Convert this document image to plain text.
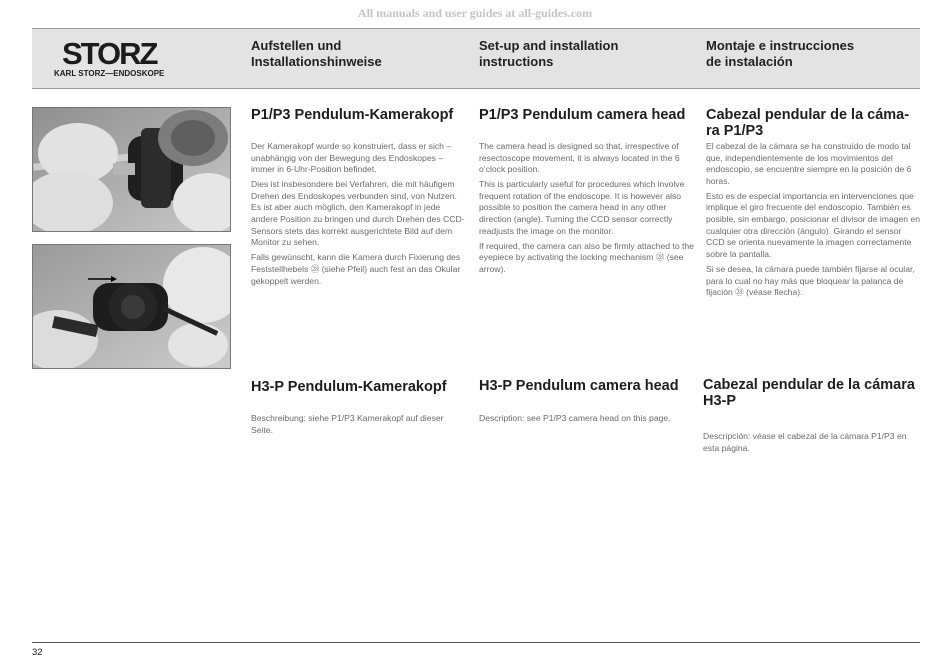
All manuals and user guides at all-guides.com
STORZ
KARL STORZ—ENDOSKOPE
Aufstellen und
Installationshinweise
Set-up and installation
instructions
Montaje e instrucciones
de instalación
P1/P3 Pendulum-Kamerakopf P1/P3 Pendulum camera head Cabezal pendular de la cáma-
ra P1/P3

Der Kamerakopf wurde so konstruiert, dass er sich – unabhängig von der Bewegung des Endoskopes – immer in 6-Uhr-Position befindet.

Dies ist insbesondere bei Verfahren, die mit häufigem Drehen des Endoskopes verbunden sind, von Nutzen. Es ist aber auch möglich, den Kamerakopf in jede andere Position zu bringen und durch Drehen des CCD-Sensors stets das korrekt ausgerichtete Bild auf dem Monitor zu sehen.

Falls gewünscht, kann die Kamera durch Fixierung des Feststellhebels ㉘ (siehe Pfeil) auch fest an das Okular gekoppelt werden.

The camera head is designed so that, irrespective of resectoscope movement, it is always located in the 6 o’clock position.

This is particularly useful for procedures which involve frequent rotation of the endoscope. It is however also possible to position the camera head in any other direction (angle). Turning the CCD sensor correctly readjusts the image on the monitor.

If required, the camera can also be firmly attached to the eyepiece by activating the locking mechanism ㉘ (see arrow).

El cabezal de la cámara se ha construido de modo tal que, independientemente de los movimientos del endoscopio, se encuentre siempre en la posición de 6 horas.

Esto es de especial importancia en intervenciones que implique el giro frecuente del endoscopio. También es posible, sin embargo, posicionar el divisor de imagen en cualquier otra dirección (ángulo). Girando el sensor CCD se orienta nuevamente la imagen correctamente sobre la pantalla.

Si se desea, la cámara puede también fijarse al ocular, para lo cual no hay más que bloquear la palanca de fijación ㉘ (véase flecha).

H3-P Pendulum-Kamerakopf H3-P Pendulum camera head Cabezal pendular de la cámara
H3-P

Beschreibung: siehe P1/P3 Kamerakopf auf dieser Seite.

Description: see P1/P3 camera head on this page.

Descripción: véase el cabezal de la cámara P1/P3 en esta página.

32
